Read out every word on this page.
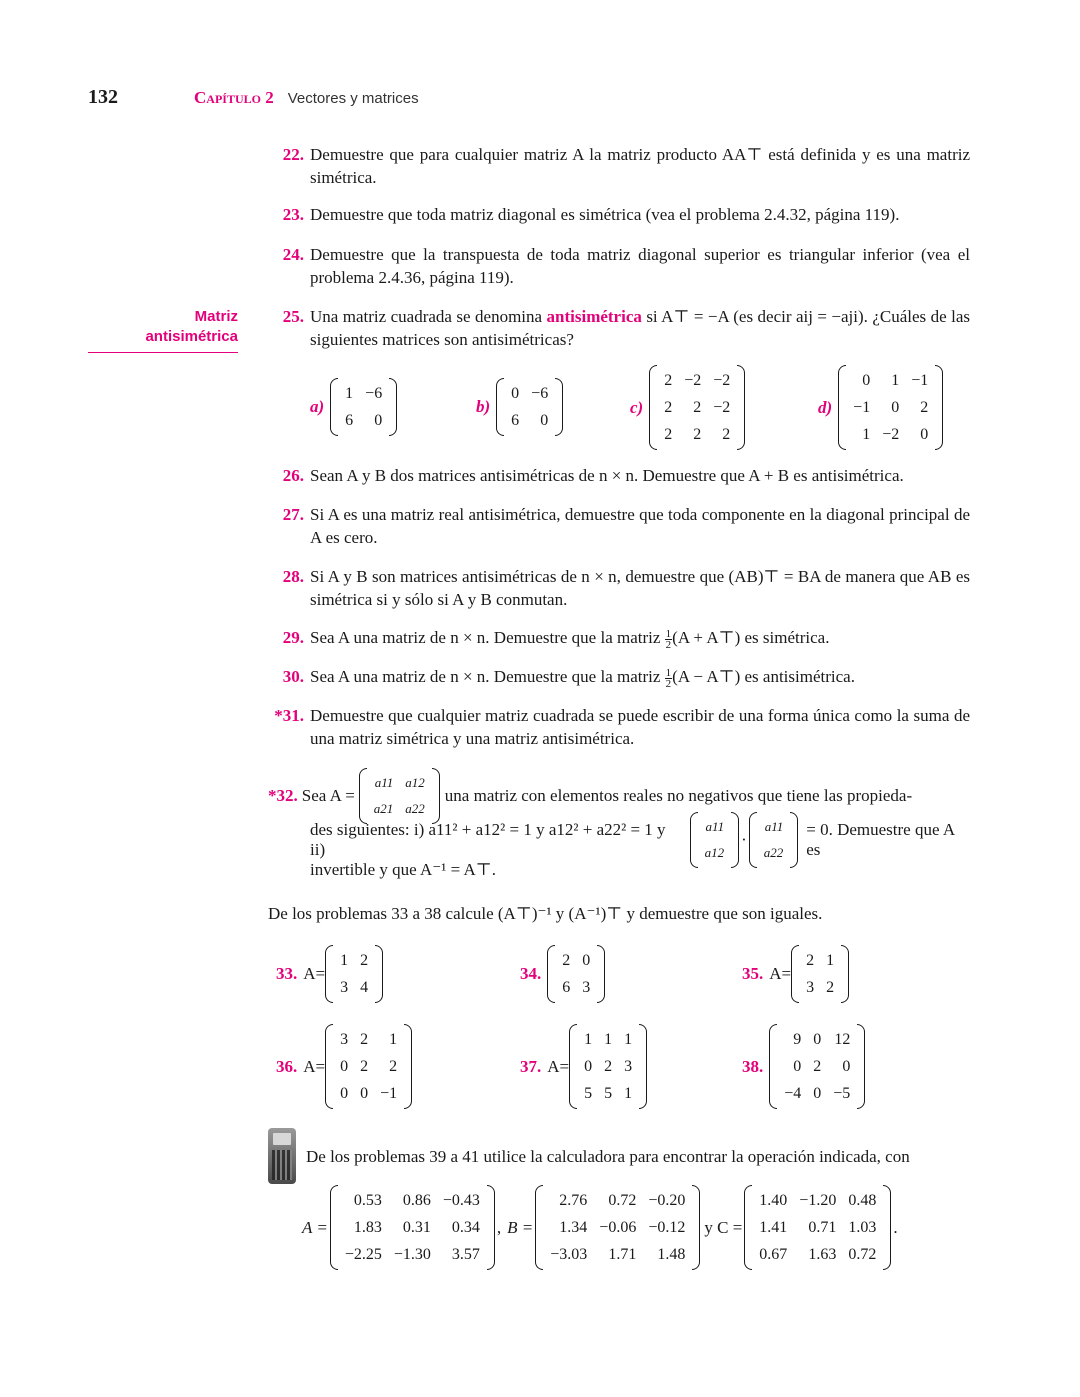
132	Capítulo 2 Vectores y matrices
Matriz
antisimétrica
22. Demuestre que para cualquier matriz A la matriz producto AA⊤ está definida y es una matriz simétrica.
23. Demuestre que toda matriz diagonal es simétrica (vea el problema 2.4.32, página 119).
24. Demuestre que la transpuesta de toda matriz diagonal superior es triangular inferior (vea el problema 2.4.36, página 119).
25. Una matriz cuadrada se denomina antisimétrica si A⊤ = −A (es decir aij = −aji). ¿Cuáles de las siguientes matrices son antisimétricas?
a)
1	−6
6	0
b)
0	−6
6	0
c)
2	−2	−2
2	2	−2
2	2	2
d)
0	1	−1
−1	0	2
1	−2	0
26. Sean A y B dos matrices antisimétricas de n × n. Demuestre que A + B es antisimétrica.
27. Si A es una matriz real antisimétrica, demuestre que toda componente en la diagonal principal de A es cero.
28. Si A y B son matrices antisimétricas de n × n, demuestre que (AB)⊤ = BA de manera que AB es simétrica si y sólo si A y B conmutan.
29. Sea A una matriz de n × n. Demuestre que la matriz $\frac{1}{2} (A$ + A⊤) es simétrica.
30. Sea A una matriz de n × n. Demuestre que la matriz $\frac{1}{2} (A$ − A⊤) es antisimétrica.
*31. Demuestre que cualquier matriz cuadrada se puede escribir de una forma única como la suma de una matriz simétrica y una matriz antisimétrica.
*32. Sea A =
a11	a12
a21	a22
una matriz con elementos reales no negativos que tiene las propieda-
des siguientes: i) a11² + a12² = 1 y a12² + a22² = 1 y ii)
a11
a12
·
a11
a22
= 0. Demuestre que A es
invertible y que A⁻¹ = A⊤.
De los problemas 33 a 38 calcule (A⊤)⁻¹ y (A⁻¹)⊤ y demuestre que son iguales.
33. A=
1	2
3	4
34.
2	0
6	3
35. A=
2	1
3	2
36. A=
3	2	1
0	2	2
0	0	−1
37. A=
1	1	1
0	2	3
5	5	1
38.
9	0	12
0	2	0
−4	0	−5
De los problemas 39 a 41 utilice la calculadora para encontrar la operación indicada, con
A =
0.53	0.86	−0.43
1.83	0.31	0.34
−2.25	−1.30	3.57
, B =
2.76	0.72	−0.20
1.34	−0.06	−0.12
−3.03	1.71	1.48
y C =
1.40	−1.20	0.48
1.41	0.71	1.03
0.67	1.63	0.72
.
